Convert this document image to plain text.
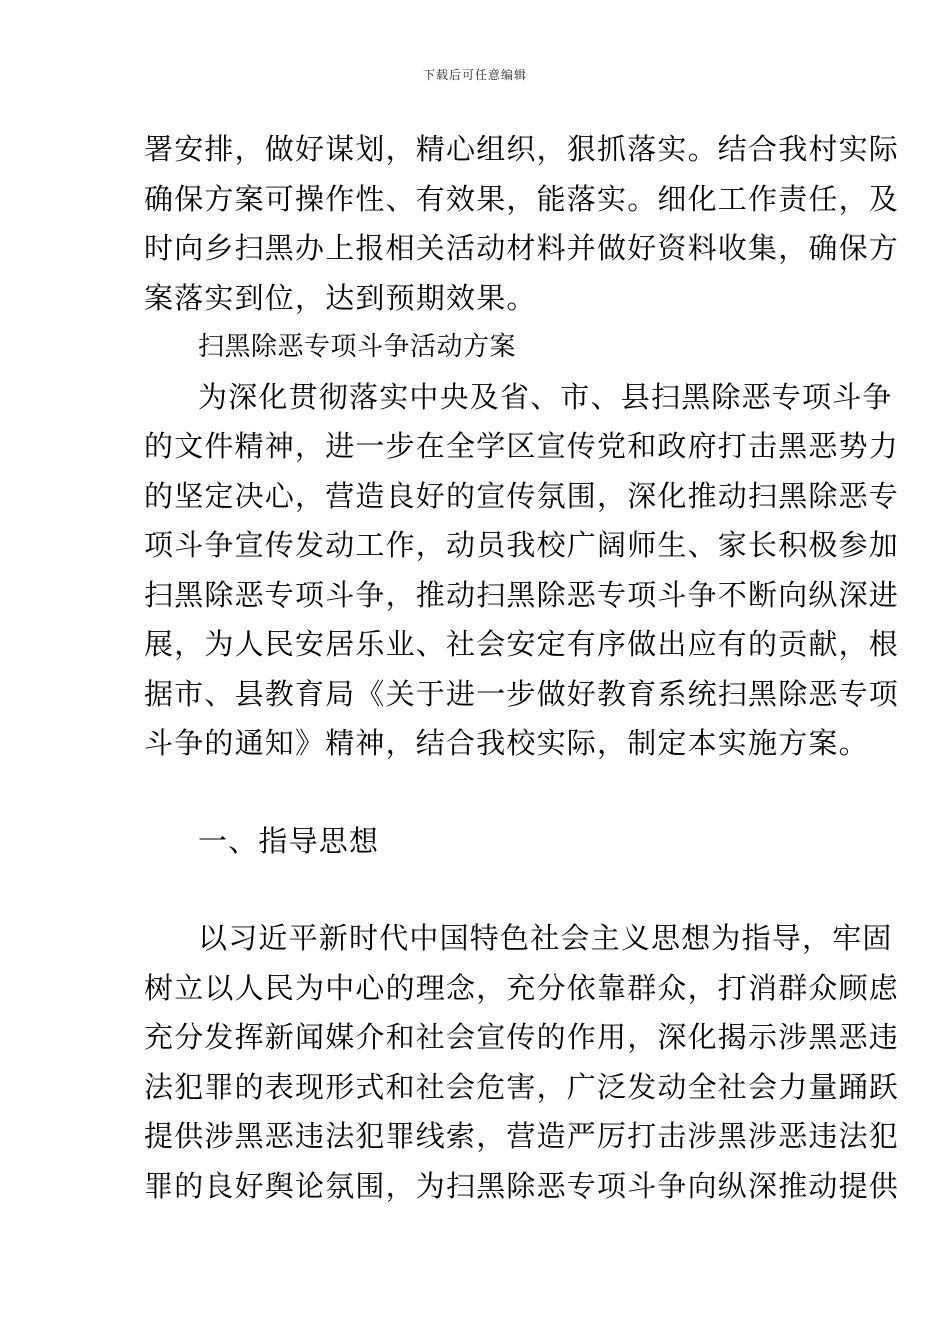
下载后可任意编辑
署安排，做好谋划，精心组织，狠抓落实。结合我村实际
确保方案可操作性、有效果，能落实。细化工作责任，及
时向乡扫黑办上报相关活动材料并做好资料收集，确保方
案落实到位，达到预期效果。
扫黑除恶专项斗争活动方案
为深化贯彻落实中央及省、市、县扫黑除恶专项斗争
的文件精神，进一步在全学区宣传党和政府打击黑恶势力
的坚定决心，营造良好的宣传氛围，深化推动扫黑除恶专
项斗争宣传发动工作，动员我校广阔师生、家长积极参加
扫黑除恶专项斗争，推动扫黑除恶专项斗争不断向纵深进
展，为人民安居乐业、社会安定有序做出应有的贡献，根
据市、县教育局《关于进一步做好教育系统扫黑除恶专项
斗争的通知》精神，结合我校实际，制定本实施方案。
一、指导思想
以习近平新时代中国特色社会主义思想为指导，牢固
树立以人民为中心的理念，充分依靠群众，打消群众顾虑
充分发挥新闻媒介和社会宣传的作用，深化揭示涉黑恶违
法犯罪的表现形式和社会危害，广泛发动全社会力量踊跃
提供涉黑恶违法犯罪线索，营造严厉打击涉黑涉恶违法犯
罪的良好舆论氛围，为扫黑除恶专项斗争向纵深推动提供
